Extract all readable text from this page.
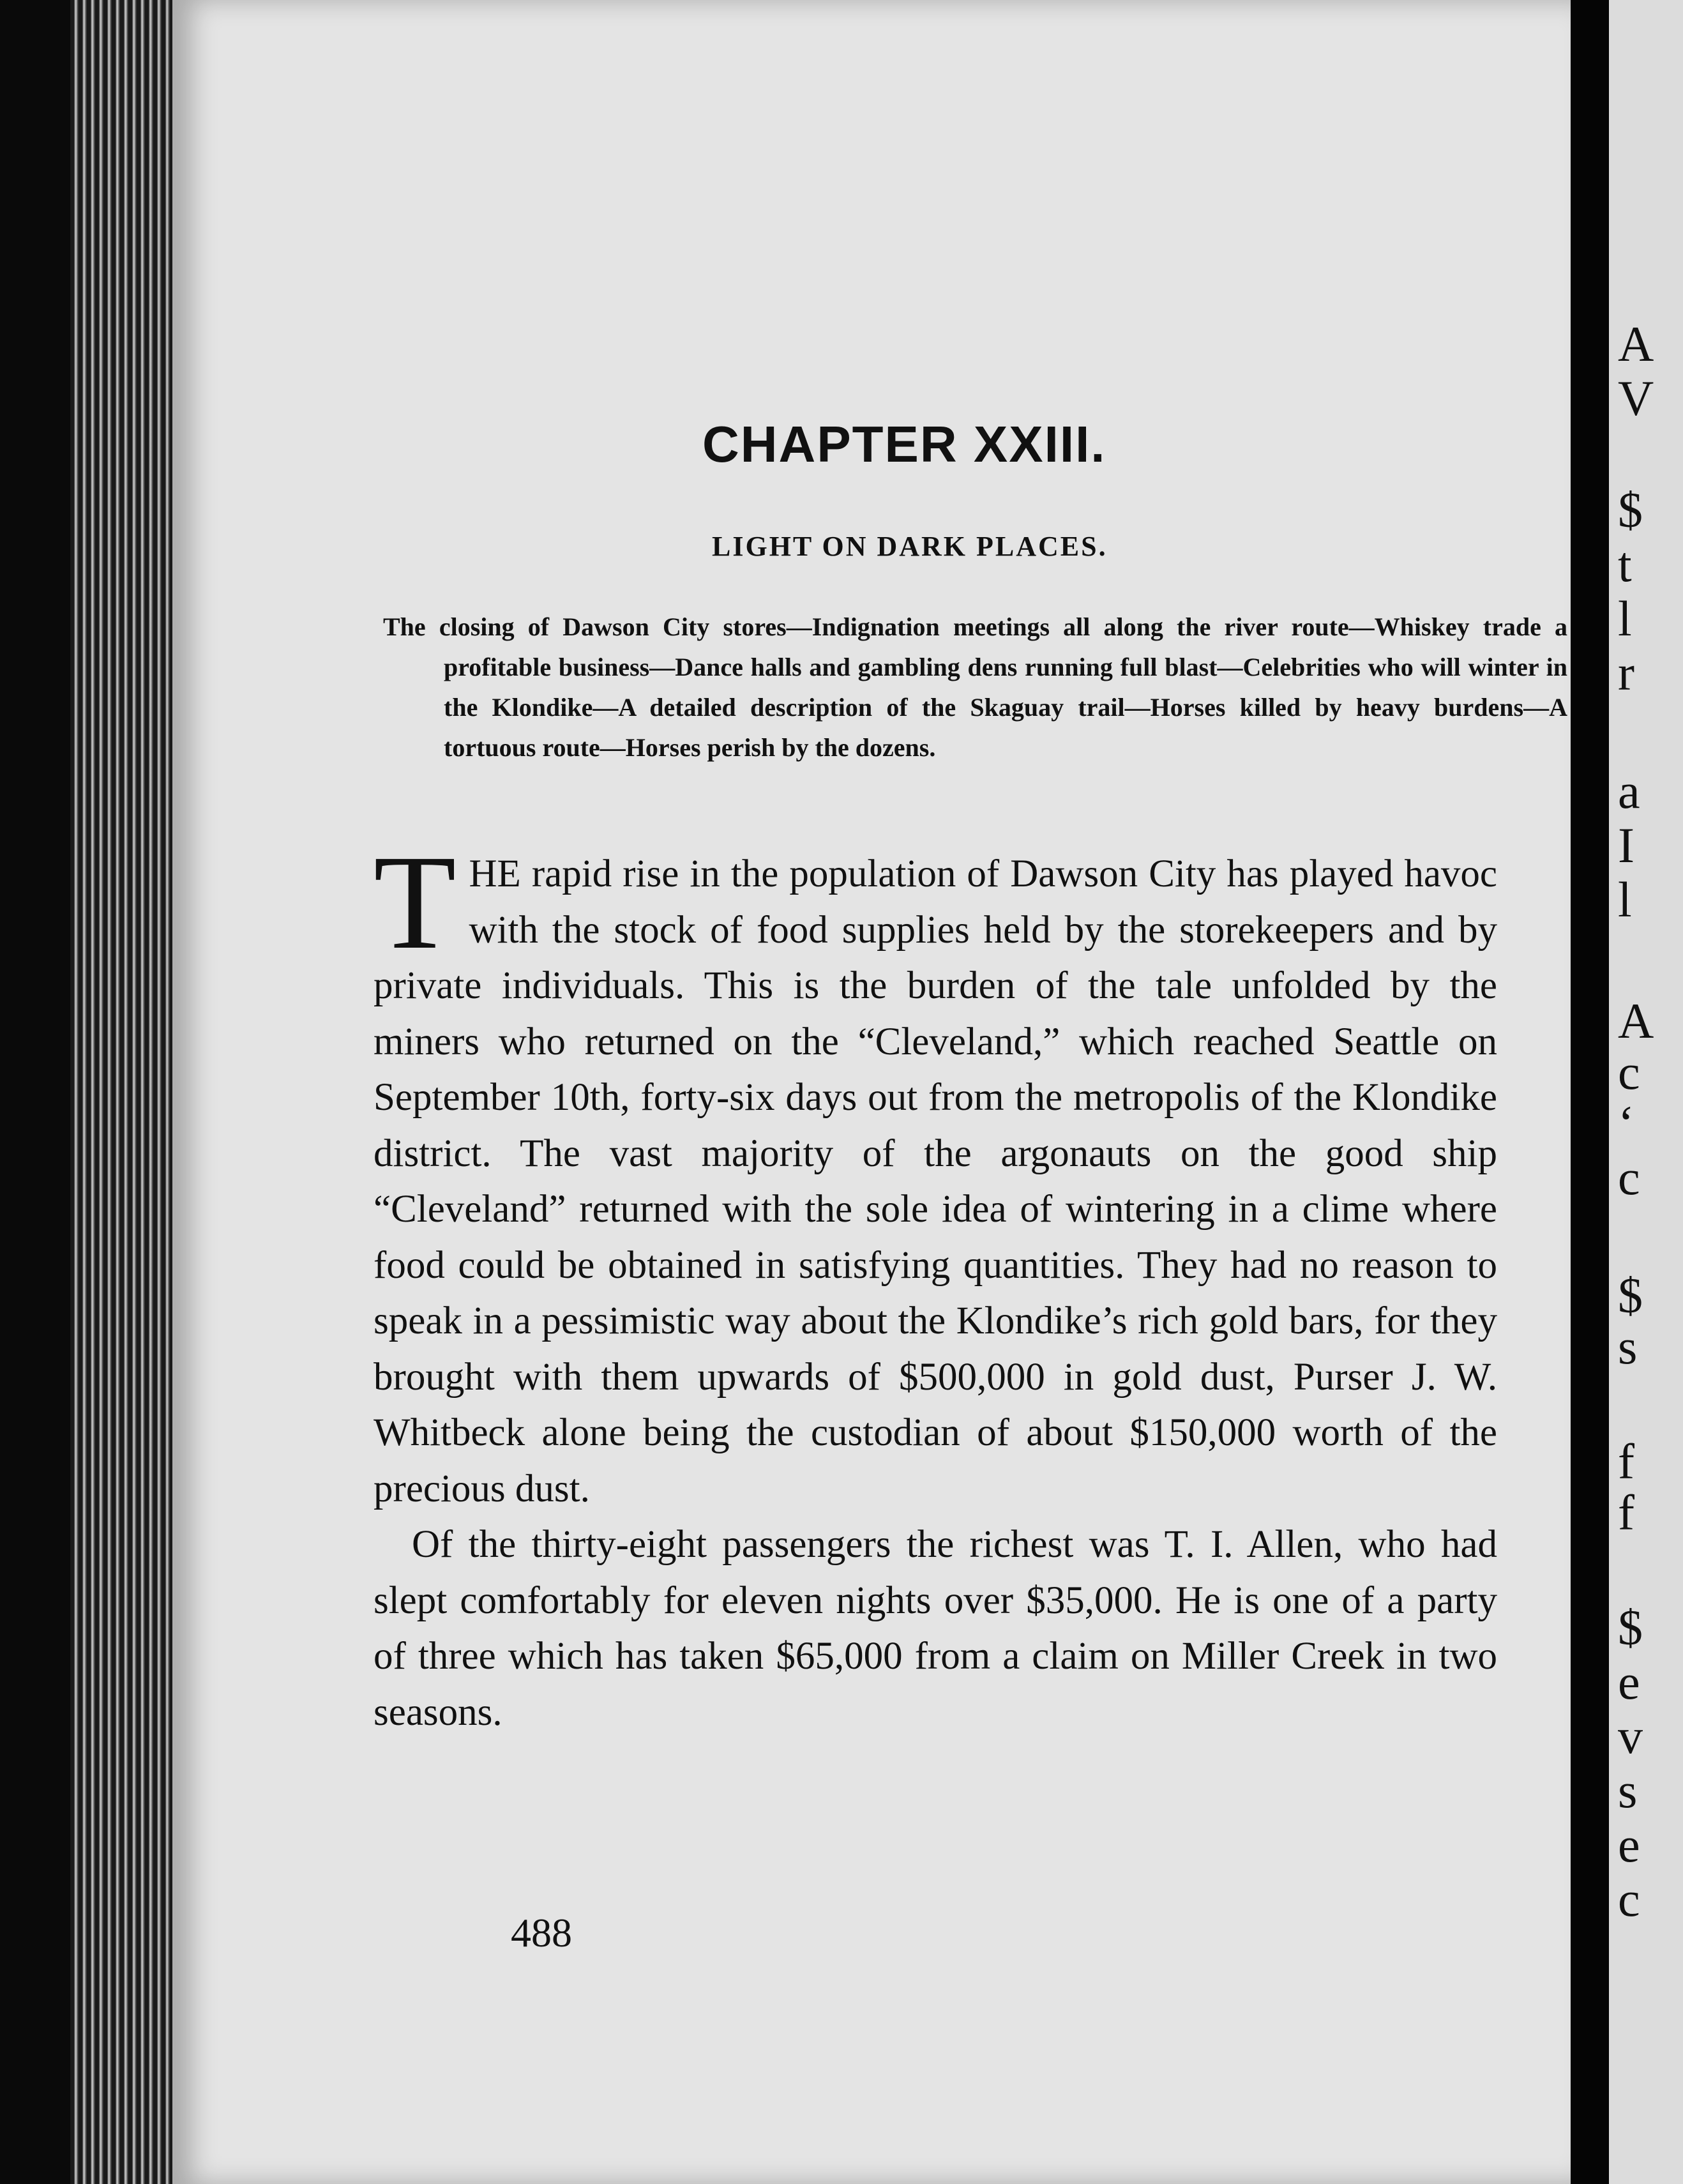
CHAPTER XXIII.
LIGHT ON DARK PLACES.
The closing of Dawson City stores—Indignation meetings all along the river route—Whiskey trade a profitable business—Dance halls and gambling dens running full blast—Celebrities who will winter in the Klondike—A detailed description of the Skaguay trail—Horses killed by heavy burdens—A tortuous route—Horses perish by the dozens.

THE rapid rise in the population of Dawson City has played havoc with the stock of food supplies held by the storekeepers and by private individuals. This is the burden of the tale unfolded by the miners who returned on the “Cleveland,” which reached Seattle on September 10th, forty-six days out from the metropolis of the Klondike district. The vast majority of the argonauts on the good ship “Cleveland” returned with the sole idea of wintering in a clime where food could be obtained in satisfying quantities. They had no reason to speak in a pessimistic way about the Klondike’s rich gold bars, for they brought with them upwards of $500,000 in gold dust, Purser J. W. Whitbeck alone being the custodian of about $150,000 worth of the precious dust.

Of the thirty-eight passengers the richest was T. I. Allen, who had slept comfortably for eleven nights over $35,000. He is one of a party of three which has taken $65,000 from a claim on Miller Creek in two seasons.

488
A
V
$
t
l
r
a
I
l
A
c
‘
c
$
s
f
f
$
e
v
s
e
c
